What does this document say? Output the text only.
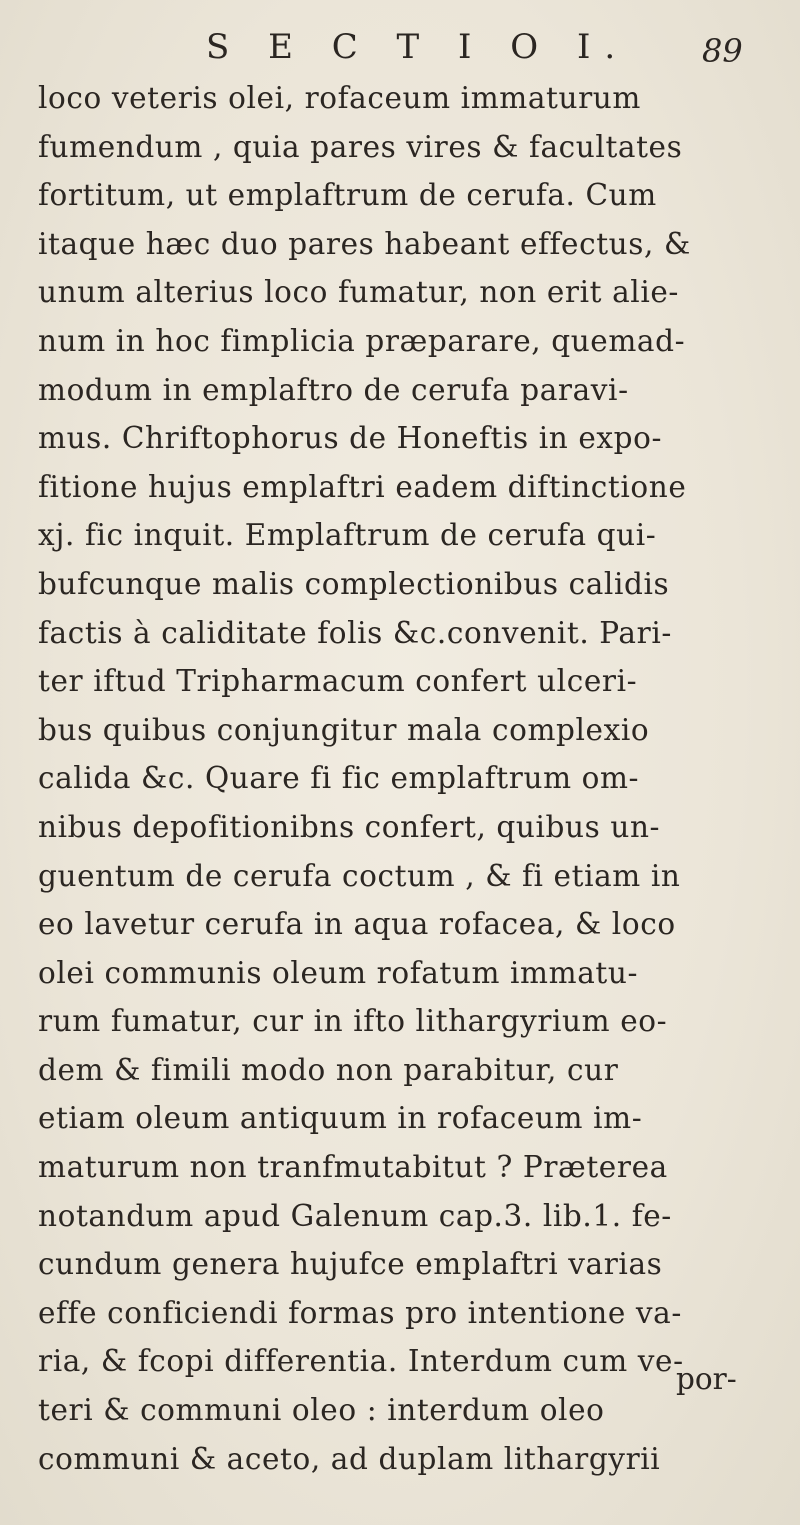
S E C T I O I.	89
loco veteris olei, rofaceum immaturum
fumendum , quia pares vires & facultates
fortitum, ut emplaftrum de cerufa. Cum
itaque hæc duo pares habeant effectus, &
unum alterius loco fumatur, non erit alie-
num in hoc fimplicia præparare, quemad-
modum in emplaftro de cerufa paravi-
mus. Chriftophorus de Honeftis in expo-
fitione hujus emplaftri eadem diftinctione
xj. fic inquit. Emplaftrum de cerufa qui-
bufcunque malis complectionibus calidis
factis à caliditate folis &c.convenit. Pari-
ter iftud Tripharmacum confert ulceri-
bus quibus conjungitur mala complexio
calida &c. Quare fi fic emplaftrum om-
nibus depofitionibns confert, quibus un-
guentum de cerufa coctum , & fi etiam in
eo lavetur cerufa in aqua rofacea, & loco
olei communis oleum rofatum immatu-
rum fumatur, cur in ifto lithargyrium eo-
dem & fimili modo non parabitur, cur
etiam oleum antiquum in rofaceum im-
maturum non tranfmutabitut ? Præterea
notandum apud Galenum cap.3. lib.1. fe-
cundum genera hujufce emplaftri varias
effe conficiendi formas pro intentione va-
ria, & fcopi differentia. Interdum cum ve-
teri & communi oleo : interdum oleo
communi & aceto, ad duplam lithargyrii
por-
